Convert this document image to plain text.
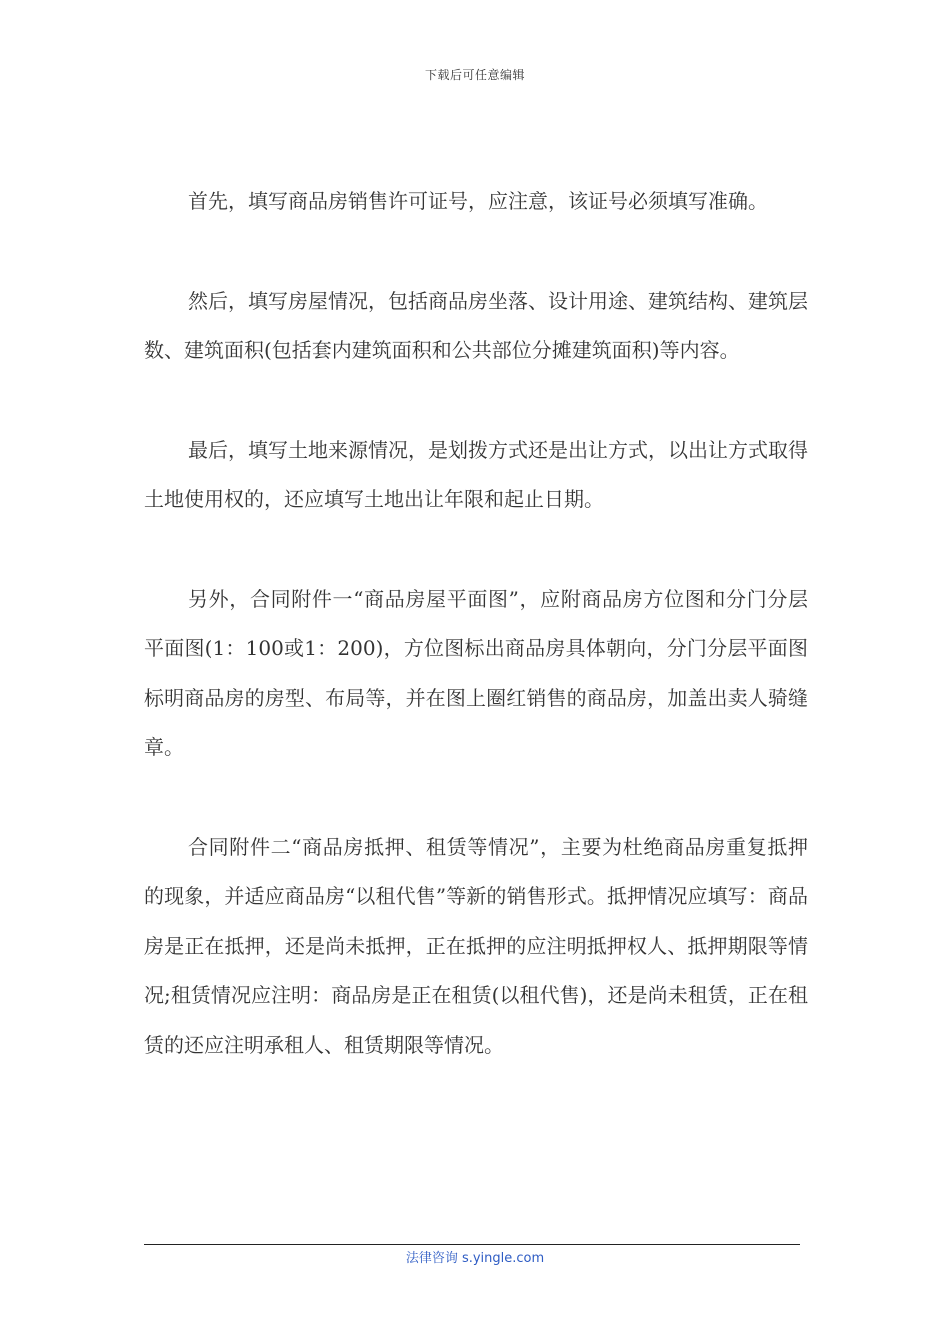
下载后可任意编辑

首先，填写商品房销售许可证号，应注意，该证号必须填写准确。

然后，填写房屋情况，包括商品房坐落、设计用途、建筑结构、建筑层数、建筑面积(包括套内建筑面积和公共部位分摊建筑面积)等内容。

最后，填写土地来源情况，是划拨方式还是出让方式，以出让方式取得土地使用权的，还应填写土地出让年限和起止日期。

另外，合同附件一“商品房屋平面图”，应附商品房方位图和分门分层平面图(1：100或1：200)，方位图标出商品房具体朝向，分门分层平面图标明商品房的房型、布局等，并在图上圈红销售的商品房，加盖出卖人骑缝章。

合同附件二“商品房抵押、租赁等情况”，主要为杜绝商品房重复抵押的现象，并适应商品房“以租代售”等新的销售形式。抵押情况应填写：商品房是正在抵押，还是尚未抵押，正在抵押的应注明抵押权人、抵押期限等情况;租赁情况应注明：商品房是正在租赁(以租代售)，还是尚未租赁，正在租赁的还应注明承租人、租赁期限等情况。

法律咨询 s.yingle.com
